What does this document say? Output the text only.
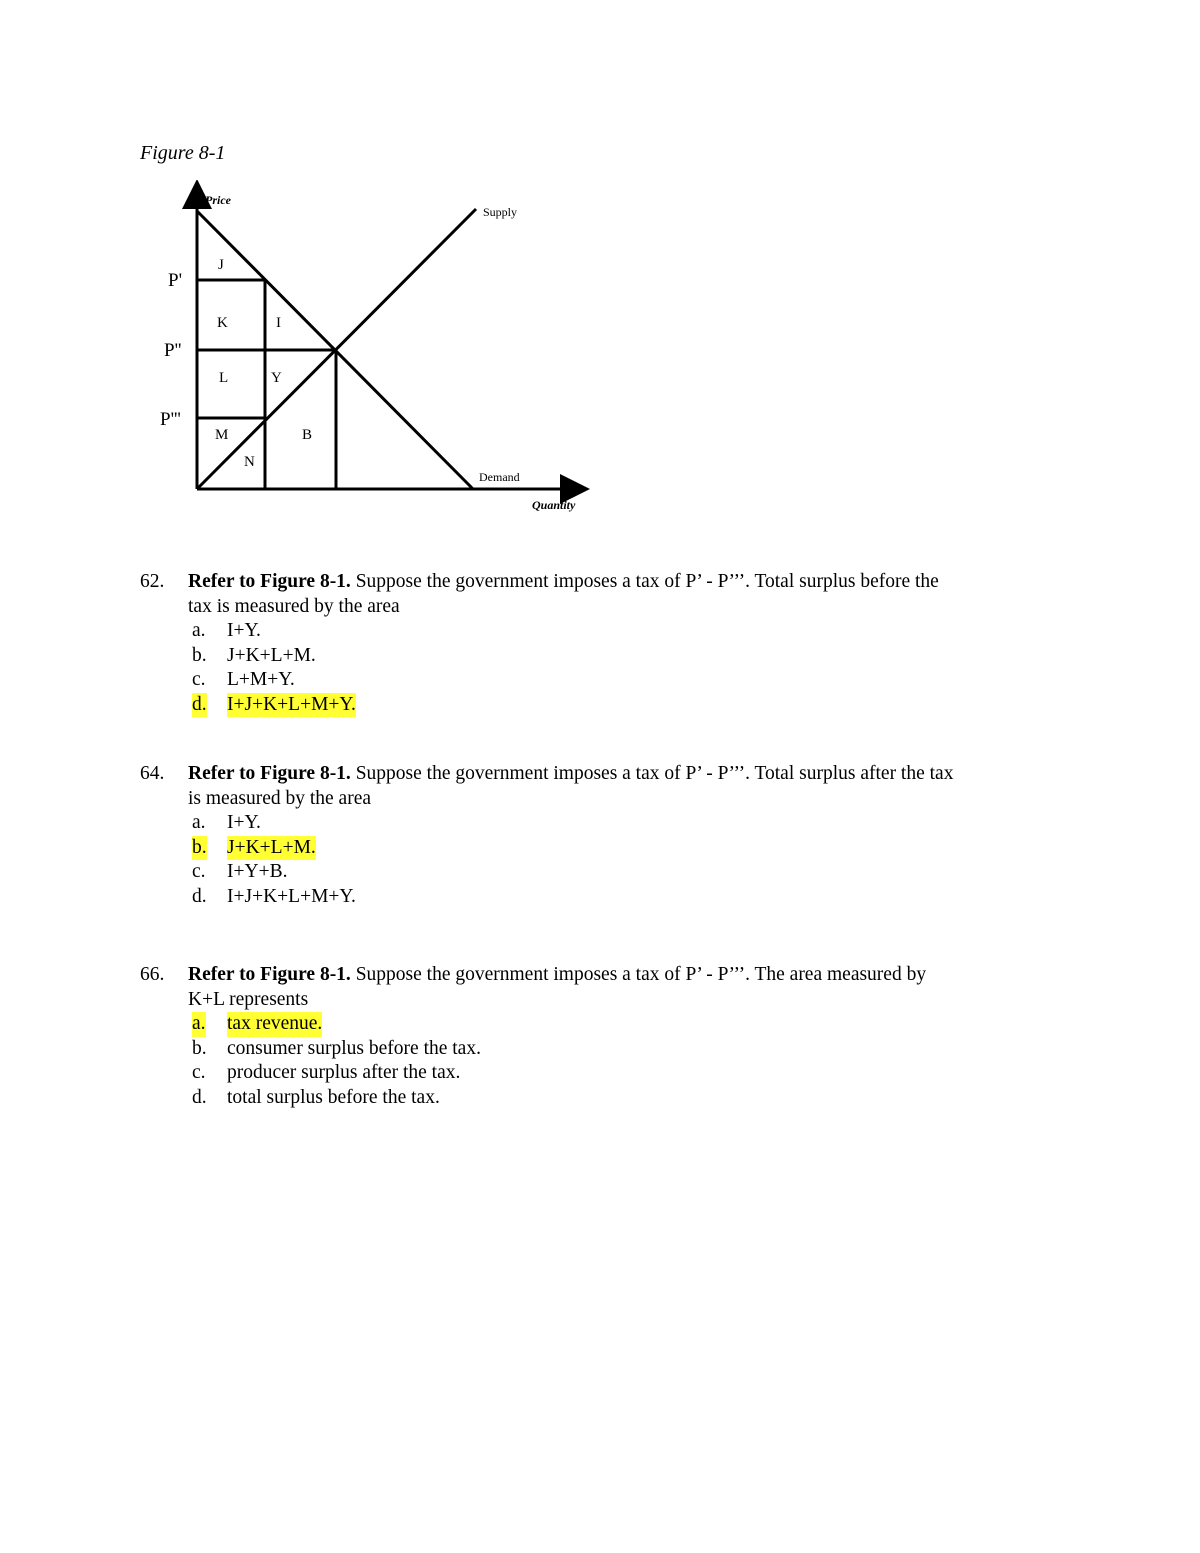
Figure 8-1
Price
Supply
Demand
Quantity
P'
P''
P'''
J
K	I
L	Y
M	B
N
62. Refer to Figure 8-1. Suppose the government imposes a tax of P’ - P’’’. Total surplus before the
tax is measured by the area
a. I+Y.
b. J+K+L+M.
c. L+M+Y.
d. I+J+K+L+M+Y.
64. Refer to Figure 8-1. Suppose the government imposes a tax of P’ - P’’’. Total surplus after the tax
is measured by the area
a. I+Y.
b. J+K+L+M.
c. I+Y+B.
d. I+J+K+L+M+Y.
66. Refer to Figure 8-1. Suppose the government imposes a tax of P’ - P’’’. The area measured by
K+L represents
a. tax revenue.
b. consumer surplus before the tax.
c. producer surplus after the tax.
d. total surplus before the tax.
